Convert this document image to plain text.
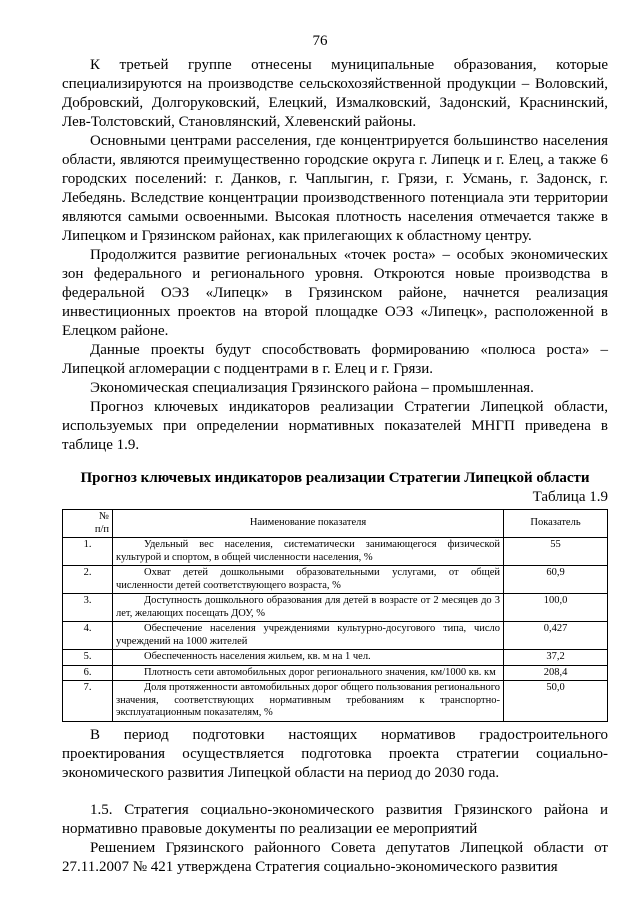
76

К третьей группе отнесены муниципальные образования, которые специализируются на производстве сельскохозяйственной продукции – Воловский, Добровский, Долгоруковский, Елецкий, Измалковский, Задонский, Краснинский, Лев-Толстовский, Становлянский, Хлевенский районы.

Основными центрами расселения, где концентрируется большинство населения области, являются преимущественно городские округа г. Липецк и г. Елец, а также 6 городских поселений: г. Данков, г. Чаплыгин, г. Грязи, г. Усмань, г. Задонск, г. Лебедянь. Вследствие концентрации производственного потенциала эти территории являются самыми освоенными. Высокая плотность населения отмечается также в Липецком и Грязинском районах, как прилегающих к областному центру.

Продолжится развитие региональных «точек роста» – особых экономических зон федерального и регионального уровня. Откроются новые производства в федеральной ОЭЗ «Липецк» в Грязинском районе, начнется реализация инвестиционных проектов на второй площадке ОЭЗ «Липецк», расположенной в Елецком районе.

Данные проекты будут способствовать формированию «полюса роста» – Липецкой агломерации с подцентрами в г. Елец и г. Грязи.

Экономическая специализация Грязинского района – промышленная.

Прогноз ключевых индикаторов реализации Стратегии Липецкой области, используемых при определении нормативных показателей МНГП приведена в таблице 1.9.

Прогноз ключевых индикаторов реализации Стратегии Липецкой области
Таблица 1.9
№
п/п	Наименование показателя	Показатель
1.	Удельный вес населения, систематически занимающегося физической культурой и спортом, в общей численности населения, %	55
2.	Охват детей дошкольными образовательными услугами, от общей численности детей соответствующего возраста, %	60,9
3.	Доступность дошкольного образования для детей в возрасте от 2 месяцев до 3 лет, желающих посещать ДОУ, %	100,0
4.	Обеспечение населения учреждениями культурно-досугового типа, число учреждений на 1000 жителей	0,427
5.	Обеспеченность населения жильем, кв. м на 1 чел.	37,2
6.	Плотность сети автомобильных дорог регионального значения, км/1000 кв. км	208,4
7.	Доля протяженности автомобильных дорог общего пользования регионального значения, соответствующих нормативным требованиям к транспортно-эксплуатационным показателям, %	50,0

В период подготовки настоящих нормативов градостроительного проектирования осуществляется подготовка проекта стратегии социально-экономического развития Липецкой области на период до 2030 года.

1.5. Стратегия социально-экономического развития Грязинского района и нормативно правовые документы по реализации ее мероприятий

Решением Грязинского районного Совета депутатов Липецкой области от 27.11.2007 № 421 утверждена Стратегия социально-экономического развития
